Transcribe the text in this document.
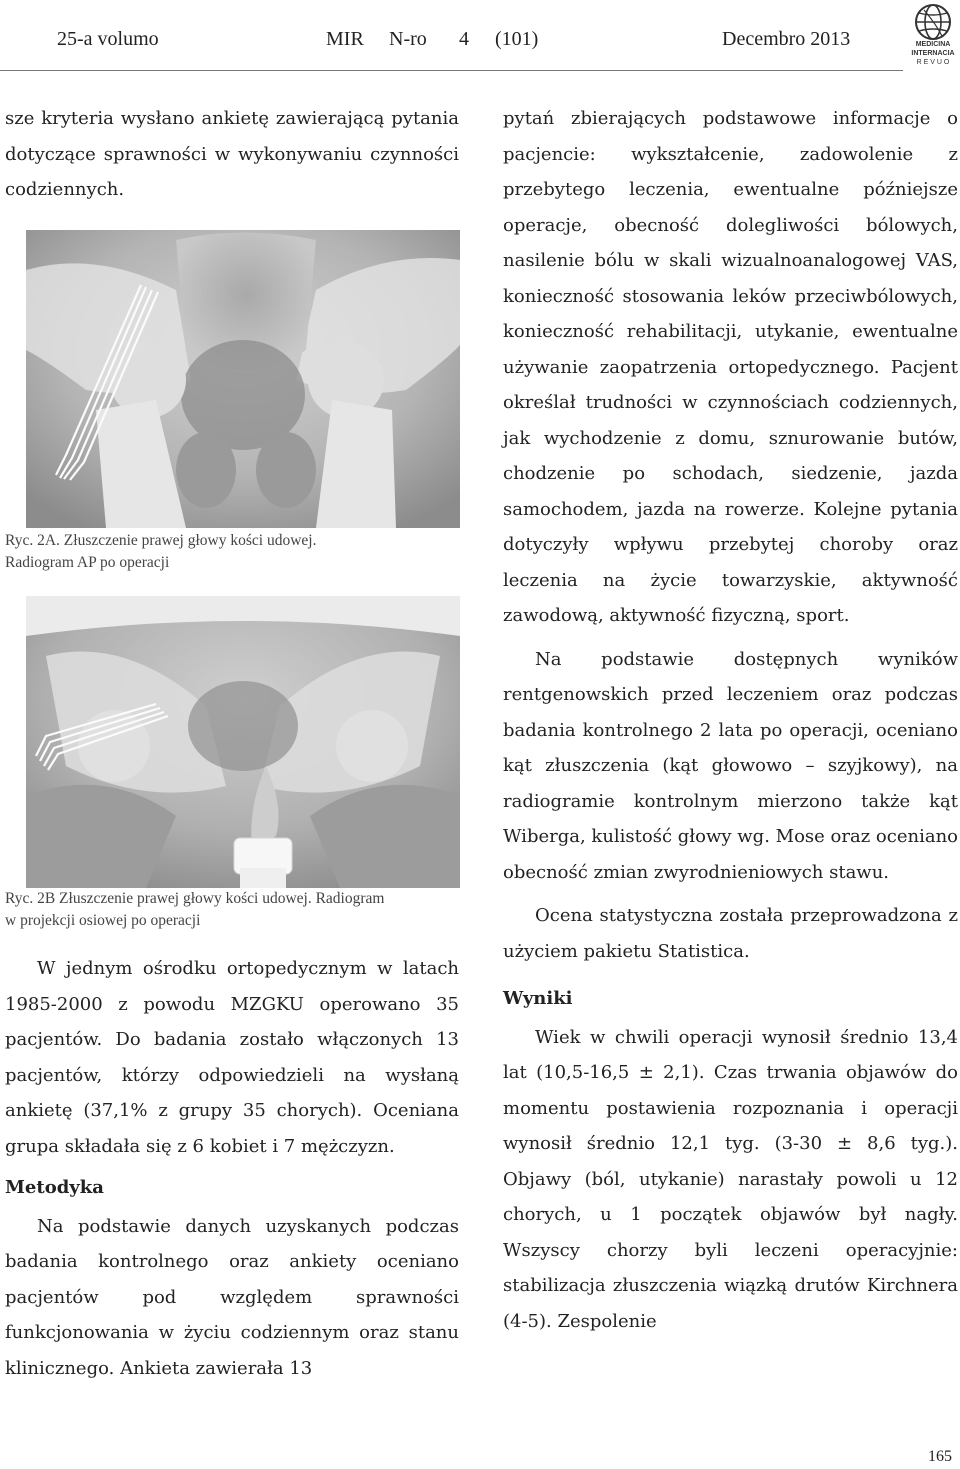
25-a volumo	MIR N-ro 4 (101)	Decembro 2013	MEDICINA
INTERNACIA
R E V U O

sze kryteria wysłano ankietę zawierającą pytania dotyczące sprawności w wykonywaniu czynności codziennych.

Ryc. 2A. Złuszczenie prawej głowy kości udowej.
Radiogram AP po operacji
Ryc. 2B Złuszczenie prawej głowy kości udowej. Radiogram
w projekcji osiowej po operacji

W jednym ośrodku ortopedycznym w latach 1985-2000 z powodu MZGKU operowano 35 pacjentów. Do badania zostało włączonych 13 pacjentów, którzy odpowiedzieli na wysłaną ankietę (37,1% z grupy 35 chorych). Oceniana grupa składała się z 6 kobiet i 7 mężczyzn.

Metodyka

Na podstawie danych uzyskanych podczas badania kontrolnego oraz ankiety oceniano pacjentów pod względem sprawności funkcjonowania w życiu codziennym oraz stanu klinicznego. Ankieta zawierała 13

pytań zbierających podstawowe informacje o pacjencie: wykształcenie, zadowolenie z przebytego leczenia, ewentualne późniejsze operacje, obecność dolegliwości bólowych, nasilenie bólu w skali wizualnoanalogowej VAS, konieczność stosowania leków przeciwbólowych, konieczność rehabilitacji, utykanie, ewentualne używanie zaopatrzenia ortopedycznego. Pacjent określał trudności w czynnościach codziennych, jak wychodzenie z domu, sznurowanie butów, chodzenie po schodach, siedzenie, jazda samochodem, jazda na rowerze. Kolejne pytania dotyczyły wpływu przebytej choroby oraz leczenia na życie towarzyskie, aktywność zawodową, aktywność fizyczną, sport.

Na podstawie dostępnych wyników rentgenowskich przed leczeniem oraz podczas badania kontrolnego 2 lata po operacji, oceniano kąt złuszczenia (kąt głowowo – szyjkowy), na radiogramie kontrolnym mierzono także kąt Wiberga, kulistość głowy wg. Mose oraz oceniano obecność zmian zwyrodnieniowych stawu.

Ocena statystyczna została przeprowadzona z użyciem pakietu Statistica.

Wyniki

Wiek w chwili operacji wynosił średnio 13,4 lat (10,5-16,5 ± 2,1). Czas trwania objawów do momentu postawienia rozpoznania i operacji wynosił średnio 12,1 tyg. (3-30 ± 8,6 tyg.). Objawy (ból, utykanie) narastały powoli u 12 chorych, u 1 początek objawów był nagły. Wszyscy chorzy byli leczeni operacyjnie: stabilizacja złuszczenia wiązką drutów Kirchnera (4-5). Zespolenie

165
